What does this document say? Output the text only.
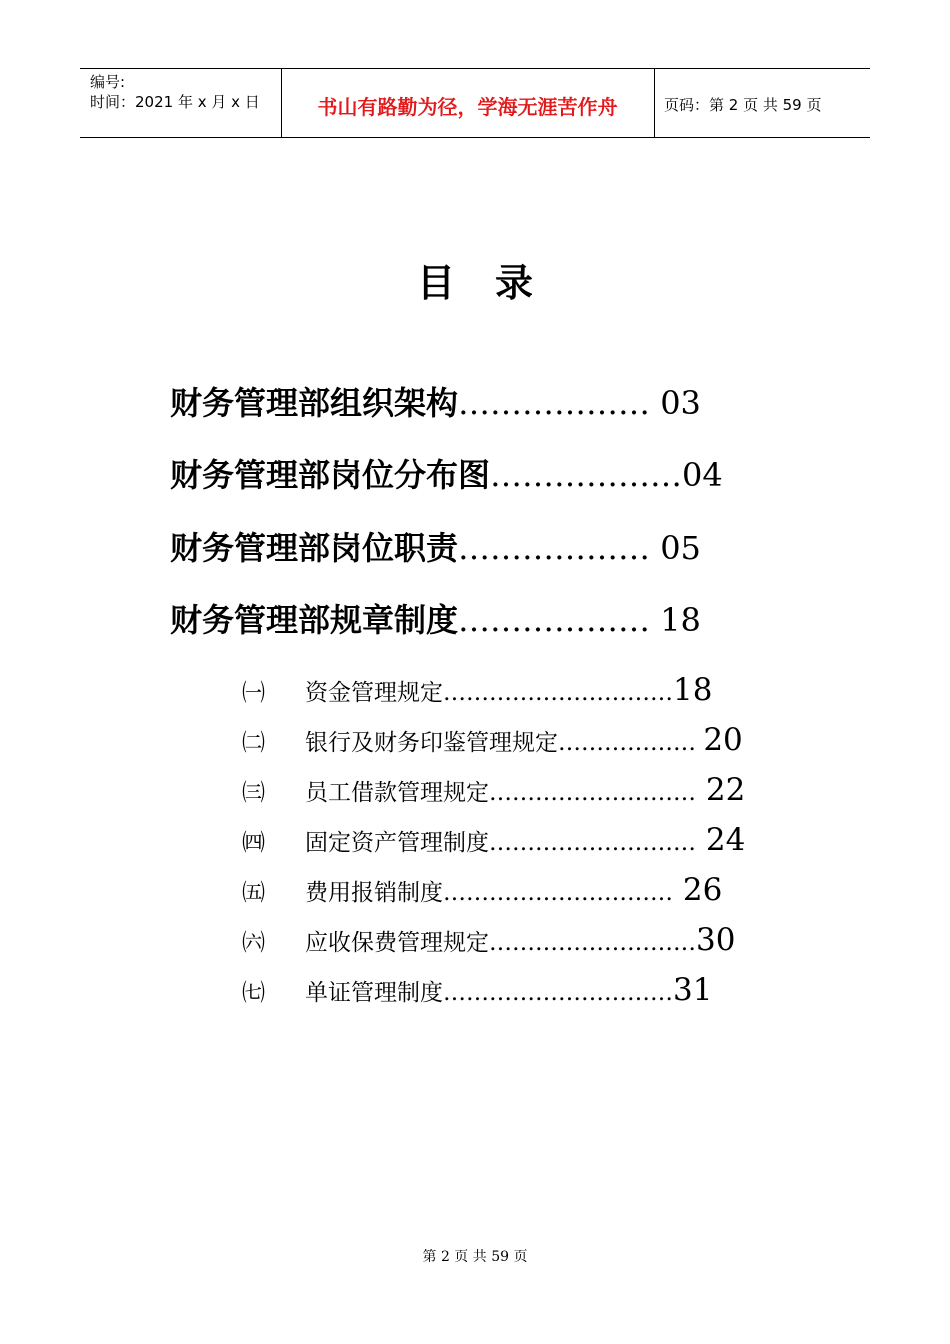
编号:
时间：2021 年 x 月 x 日	书山有路勤为径，学海无涯苦作舟	页码：第 2 页 共 59 页
目录
财务管理部组织架构……………… 03
财务管理部岗位分布图………………04
财务管理部岗位职责……………… 05
财务管理部规章制度……………… 18
㈠ 资金管理规定…………………………18
㈡ 银行及财务印鉴管理规定……………… 20
㈢ 员工借款管理规定……………………… 22
㈣ 固定资产管理制度……………………… 24
㈤ 费用报销制度………………………… 26
㈥ 应收保费管理规定………………………30
㈦ 单证管理制度…………………………31
第 2 页 共 59 页
